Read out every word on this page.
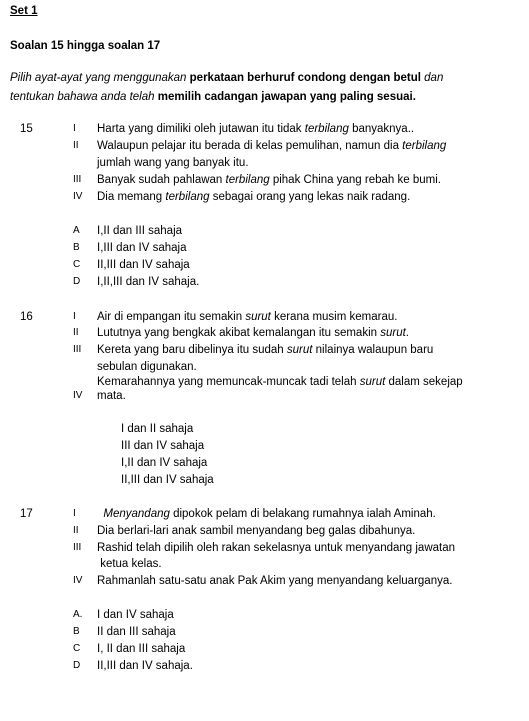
Set 1
Soalan 15 hingga soalan 17
Pilih ayat-ayat yang menggunakan perkataan berhuruf condong dengan betul dan
tentukan bahawa anda telah memilih cadangan jawapan yang paling sesuai.
15	I Harta yang dimiliki oleh jutawan itu tidak terbilang banyaknya..
II Walaupun pelajar itu berada di kelas pemulihan, namun dia terbilang
jumlah wang yang banyak itu.
III Banyak sudah pahlawan terbilang pihak China yang rebah ke bumi.
IV Dia memang terbilang sebagai orang yang lekas naik radang.
A I,II dan III sahaja
B I,III dan IV sahaja
C II,III dan IV sahaja
D I,II,III dan IV sahaja.
16	I Air di empangan itu semakin surut kerana musim kemarau.
II Lututnya yang bengkak akibat kemalangan itu semakin surut.
III Kereta yang baru dibelinya itu sudah surut nilainya walaupun baru
sebulan digunakan.
Kemarahannya yang memuncak-muncak tadi telah surut dalam sekejap
IV mata.
I dan II sahaja
III dan IV sahaja
I,II dan IV sahaja
II,III dan IV sahaja
17	I	Menyandang dipokok pelam di belakang rumahnya ialah Aminah.
II Dia berlari-lari anak sambil menyandang beg galas dibahunya.
III Rashid telah dipilih oleh rakan sekelasnya untuk menyandang jawatan
ketua kelas.
IV Rahmanlah satu-satu anak Pak Akim yang menyandang keluarganya.
A. I dan IV sahaja
B II dan III sahaja
C I, II dan III sahaja
D II,III dan IV sahaja.
